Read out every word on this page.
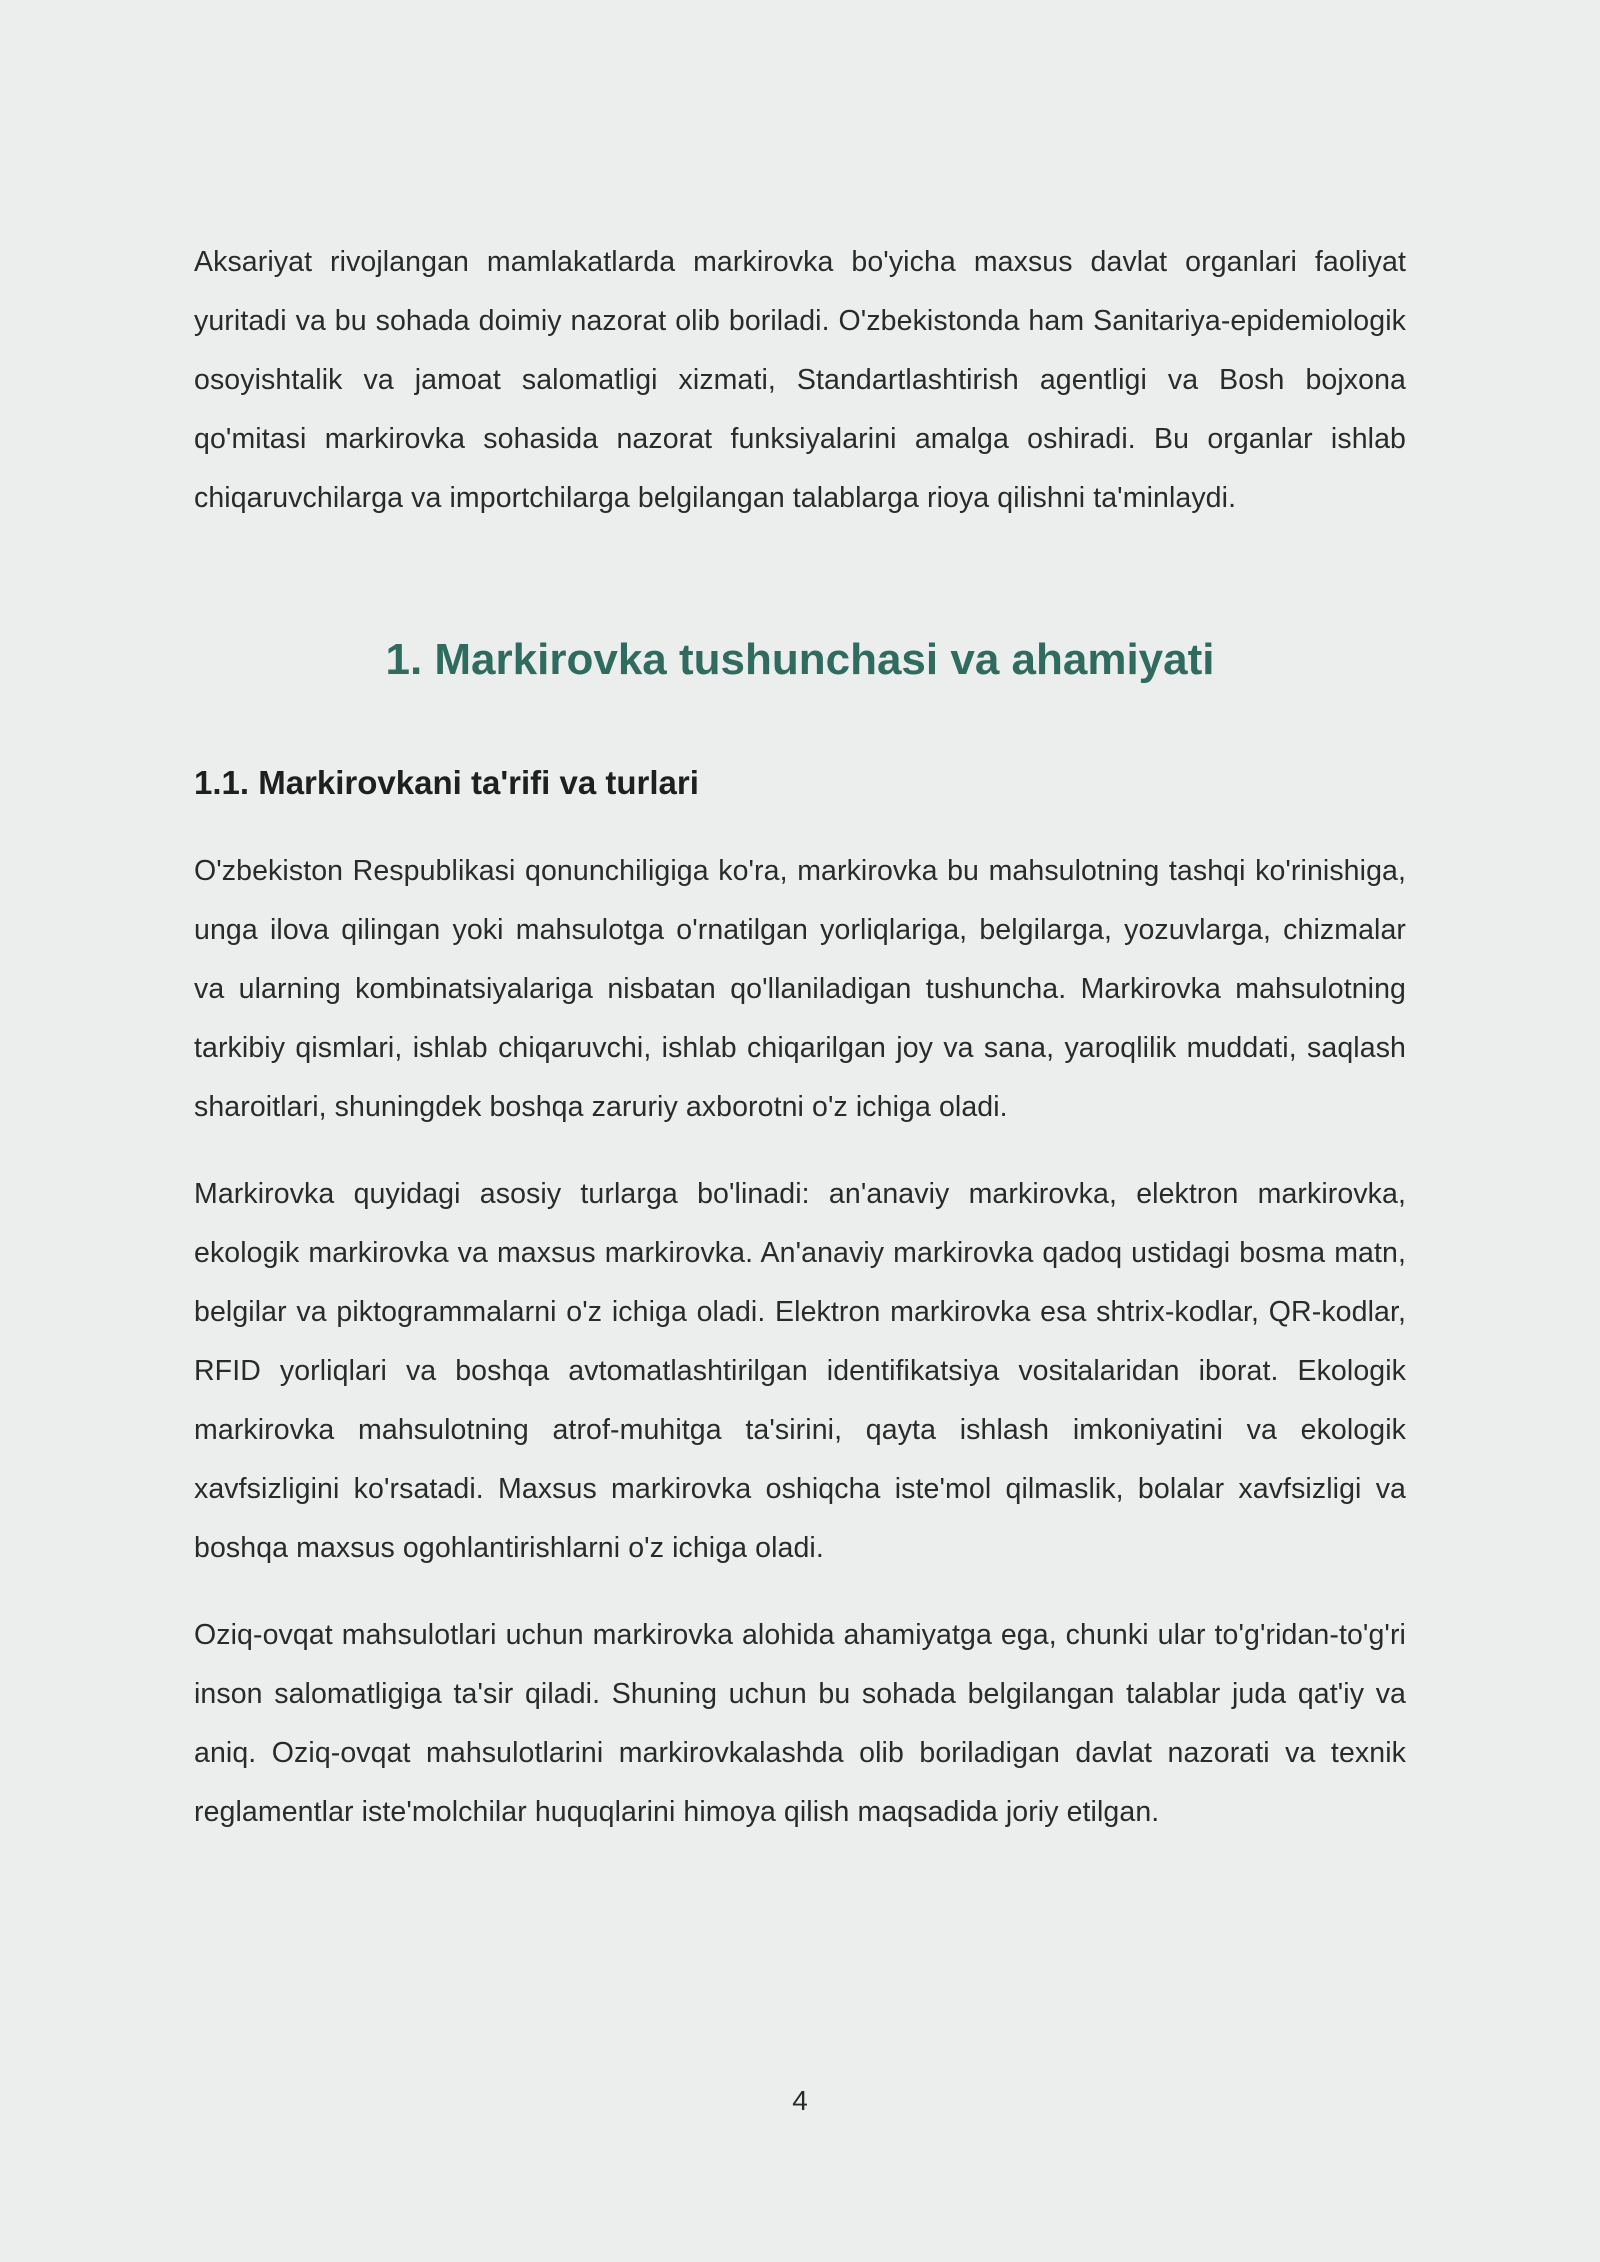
Aksariyat rivojlangan mamlakatlarda markirovka bo'yicha maxsus davlat organlari faoliyat yuritadi va bu sohada doimiy nazorat olib boriladi. O'zbekistonda ham Sanitariya-epidemiologik osoyishtalik va jamoat salomatligi xizmati, Standartlashtirish agentligi va Bosh bojxona qo'mitasi markirovka sohasida nazorat funksiyalarini amalga oshiradi. Bu organlar ishlab chiqaruvchilarga va importchilarga belgilangan talablarga rioya qilishni ta'minlaydi.

1. Markirovka tushunchasi va ahamiyati
1.1. Markirovkani ta'rifi va turlari

O'zbekiston Respublikasi qonunchiligiga ko'ra, markirovka bu mahsulotning tashqi ko'rinishiga, unga ilova qilingan yoki mahsulotga o'rnatilgan yorliqlariga, belgilarga, yozuvlarga, chizmalar va ularning kombinatsiyalariga nisbatan qo'llaniladigan tushuncha. Markirovka mahsulotning tarkibiy qismlari, ishlab chiqaruvchi, ishlab chiqarilgan joy va sana, yaroqlilik muddati, saqlash sharoitlari, shuningdek boshqa zaruriy axborotni o'z ichiga oladi.

Markirovka quyidagi asosiy turlarga bo'linadi: an'anaviy markirovka, elektron markirovka, ekologik markirovka va maxsus markirovka. An'anaviy markirovka qadoq ustidagi bosma matn, belgilar va piktogrammalarni o'z ichiga oladi. Elektron markirovka esa shtrix-kodlar, QR-kodlar, RFID yorliqlari va boshqa avtomatlashtirilgan identifikatsiya vositalaridan iborat. Ekologik markirovka mahsulotning atrof-muhitga ta'sirini, qayta ishlash imkoniyatini va ekologik xavfsizligini ko'rsatadi. Maxsus markirovka oshiqcha iste'mol qilmaslik, bolalar xavfsizligi va boshqa maxsus ogohlantirishlarni o'z ichiga oladi.

Oziq-ovqat mahsulotlari uchun markirovka alohida ahamiyatga ega, chunki ular to'g'ridan-to'g'ri inson salomatligiga ta'sir qiladi. Shuning uchun bu sohada belgilangan talablar juda qat'iy va aniq. Oziq-ovqat mahsulotlarini markirovkalashda olib boriladigan davlat nazorati va texnik reglamentlar iste'molchilar huquqlarini himoya qilish maqsadida joriy etilgan.

4
